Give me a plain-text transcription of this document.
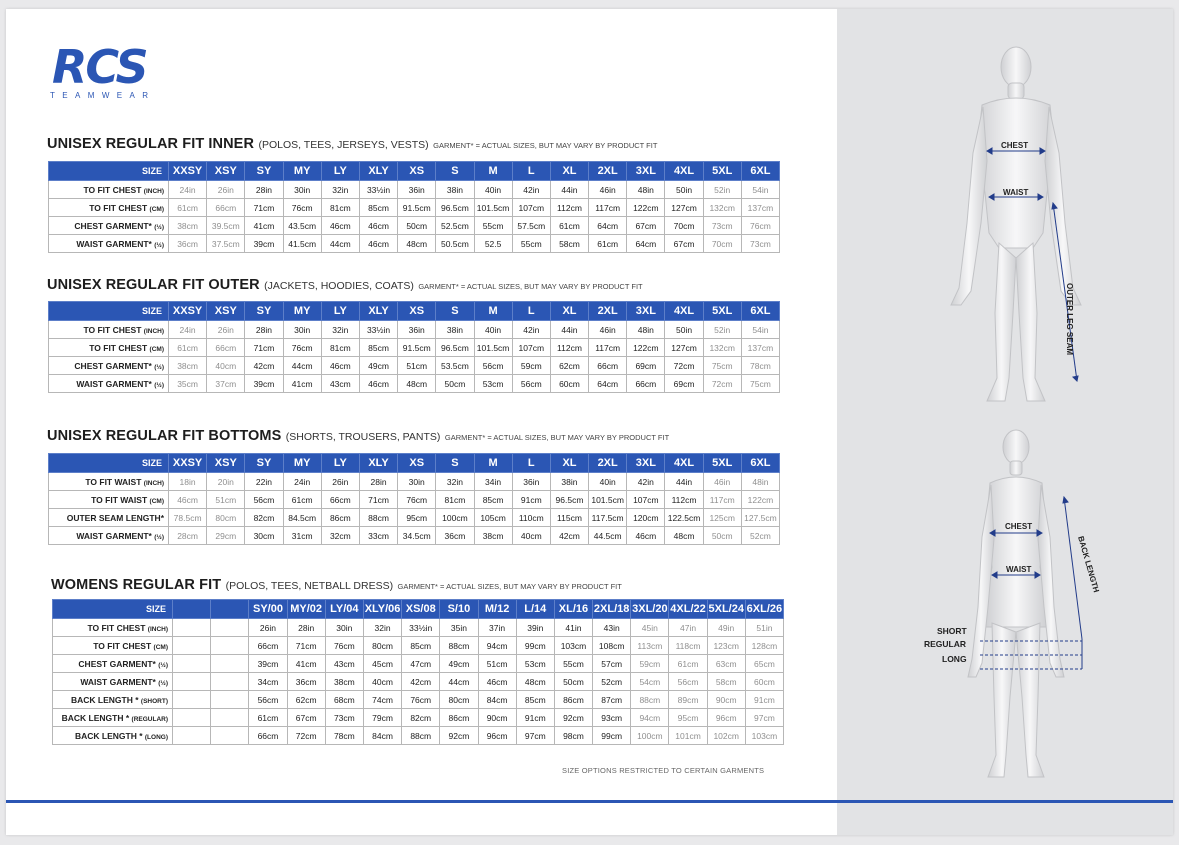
RCS
TEAMWEAR
UNISEX REGULAR FIT INNER (POLOS, TEES, JERSEYS, VESTS) GARMENT* = ACTUAL SIZES, BUT MAY VARY BY PRODUCT FIT
UNISEX REGULAR FIT OUTER (JACKETS, HOODIES, COATS) GARMENT* = ACTUAL SIZES, BUT MAY VARY BY PRODUCT FIT
UNISEX REGULAR FIT BOTTOMS (SHORTS, TROUSERS, PANTS) GARMENT* = ACTUAL SIZES, BUT MAY VARY BY PRODUCT FIT
WOMENS REGULAR FIT (POLOS, TEES, NETBALL DRESS) GARMENT* = ACTUAL SIZES, BUT MAY VARY BY PRODUCT FIT
SIZE	XXSY	XSY	SY	MY	LY	XLY	XS	S	M	L	XL	2XL	3XL	4XL	5XL	6XL
TO FIT CHEST (INCH)	24in	26in	28in	30in	32in	33½in	36in	38in	40in	42in	44in	46in	48in	50in	52in	54in
TO FIT CHEST (CM)	61cm	66cm	71cm	76cm	81cm	85cm	91.5cm	96.5cm	101.5cm	107cm	112cm	117cm	122cm	127cm	132cm	137cm
CHEST GARMENT* (½)	38cm	39.5cm	41cm	43.5cm	46cm	46cm	50cm	52.5cm	55cm	57.5cm	61cm	64cm	67cm	70cm	73cm	76cm
WAIST GARMENT* (½)	36cm	37.5cm	39cm	41.5cm	44cm	46cm	48cm	50.5cm	52.5	55cm	58cm	61cm	64cm	67cm	70cm	73cm
SIZE	XXSY	XSY	SY	MY	LY	XLY	XS	S	M	L	XL	2XL	3XL	4XL	5XL	6XL
TO FIT CHEST (INCH)	24in	26in	28in	30in	32in	33½in	36in	38in	40in	42in	44in	46in	48in	50in	52in	54in
TO FIT CHEST (CM)	61cm	66cm	71cm	76cm	81cm	85cm	91.5cm	96.5cm	101.5cm	107cm	112cm	117cm	122cm	127cm	132cm	137cm
CHEST GARMENT* (½)	38cm	40cm	42cm	44cm	46cm	49cm	51cm	53.5cm	56cm	59cm	62cm	66cm	69cm	72cm	75cm	78cm
WAIST GARMENT* (½)	35cm	37cm	39cm	41cm	43cm	46cm	48cm	50cm	53cm	56cm	60cm	64cm	66cm	69cm	72cm	75cm
SIZE	XXSY	XSY	SY	MY	LY	XLY	XS	S	M	L	XL	2XL	3XL	4XL	5XL	6XL
TO FIT WAIST (INCH)	18in	20in	22in	24in	26in	28in	30in	32in	34in	36in	38in	40in	42in	44in	46in	48in
TO FIT WAIST (CM)	46cm	51cm	56cm	61cm	66cm	71cm	76cm	81cm	85cm	91cm	96.5cm	101.5cm	107cm	112cm	117cm	122cm
OUTER SEAM LENGTH*	78.5cm	80cm	82cm	84.5cm	86cm	88cm	95cm	100cm	105cm	110cm	115cm	117.5cm	120cm	122.5cm	125cm	127.5cm
WAIST GARMENT* (½)	28cm	29cm	30cm	31cm	32cm	33cm	34.5cm	36cm	38cm	40cm	42cm	44.5cm	46cm	48cm	50cm	52cm
SIZE			SY/00	MY/02	LY/04	XLY/06	XS/08	S/10	M/12	L/14	XL/16	2XL/18	3XL/20	4XL/22	5XL/24	6XL/26
TO FIT CHEST (INCH)			26in	28in	30in	32in	33½in	35in	37in	39in	41in	43in	45in	47in	49in	51in
TO FIT CHEST (CM)			66cm	71cm	76cm	80cm	85cm	88cm	94cm	99cm	103cm	108cm	113cm	118cm	123cm	128cm
CHEST GARMENT* (½)			39cm	41cm	43cm	45cm	47cm	49cm	51cm	53cm	55cm	57cm	59cm	61cm	63cm	65cm
WAIST GARMENT* (½)			34cm	36cm	38cm	40cm	42cm	44cm	46cm	48cm	50cm	52cm	54cm	56cm	58cm	60cm
BACK LENGTH * (SHORT)			56cm	62cm	68cm	74cm	76cm	80cm	84cm	85cm	86cm	87cm	88cm	89cm	90cm	91cm
BACK LENGTH * (REGULAR)			61cm	67cm	73cm	79cm	82cm	86cm	90cm	91cm	92cm	93cm	94cm	95cm	96cm	97cm
BACK LENGTH * (LONG)			66cm	72cm	78cm	84cm	88cm	92cm	96cm	97cm	98cm	99cm	100cm	101cm	102cm	103cm
SIZE OPTIONS RESTRICTED TO CERTAIN GARMENTS
CHEST
WAIST
OUTER LEG SEAM
CHEST
WAIST	BACK LENGTH
SHORT
REGULAR
LONG
